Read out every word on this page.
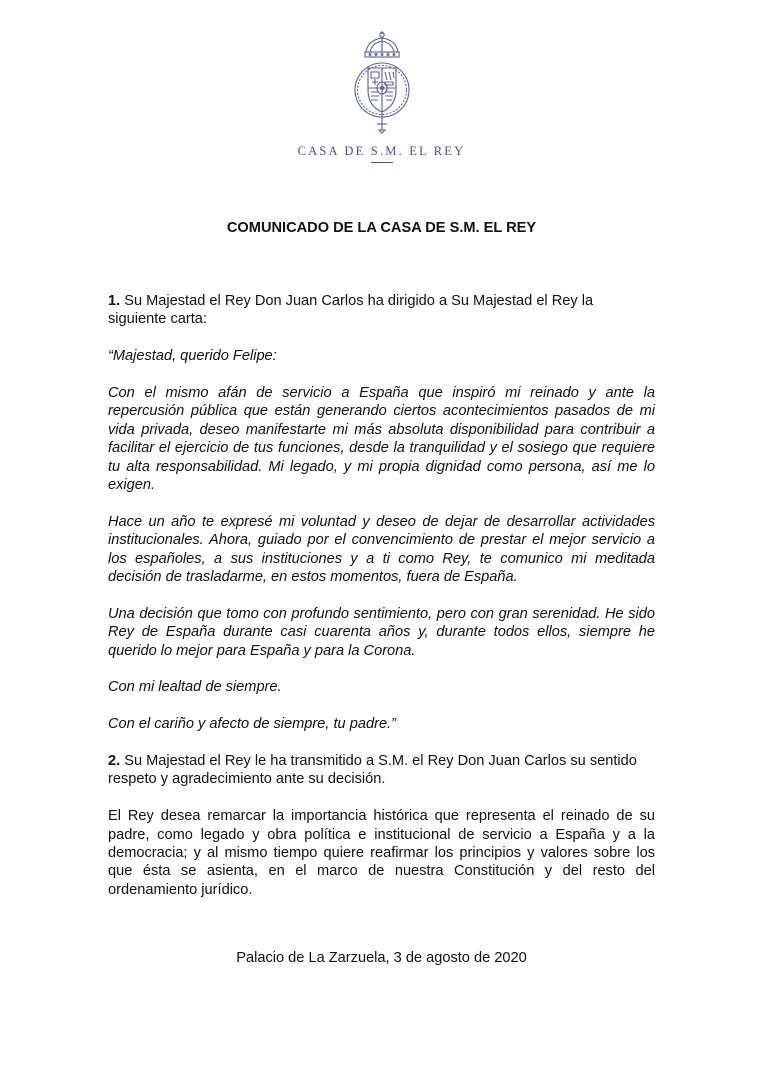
CASA DE S.M. EL REY
COMUNICADO DE LA CASA DE S.M. EL REY

1. Su Majestad el Rey Don Juan Carlos ha dirigido a Su Majestad el Rey la siguiente carta:

“Majestad, querido Felipe:

Con el mismo afán de servicio a España que inspiró mi reinado y ante la repercusión pública que están generando ciertos acontecimientos pasados de mi vida privada, deseo manifestarte mi más absoluta disponibilidad para contribuir a facilitar el ejercicio de tus funciones, desde la tranquilidad y el sosiego que requiere tu alta responsabilidad. Mi legado, y mi propia dignidad como persona, así me lo exigen.

Hace un año te expresé mi voluntad y deseo de dejar de desarrollar actividades institucionales. Ahora, guiado por el convencimiento de prestar el mejor servicio a los españoles, a sus instituciones y a ti como Rey, te comunico mi meditada decisión de trasladarme, en estos momentos, fuera de España.

Una decisión que tomo con profundo sentimiento, pero con gran serenidad. He sido Rey de España durante casi cuarenta años y, durante todos ellos, siempre he querido lo mejor para España y para la Corona.

Con mi lealtad de siempre.

Con el cariño y afecto de siempre, tu padre.”

2. Su Majestad el Rey le ha transmitido a S.M. el Rey Don Juan Carlos su sentido respeto y agradecimiento ante su decisión.

El Rey desea remarcar la importancia histórica que representa el reinado de su padre, como legado y obra política e institucional de servicio a España y a la democracia; y al mismo tiempo quiere reafirmar los principios y valores sobre los que ésta se asienta, en el marco de nuestra Constitución y del resto del ordenamiento jurídico.

Palacio de La Zarzuela, 3 de agosto de 2020
